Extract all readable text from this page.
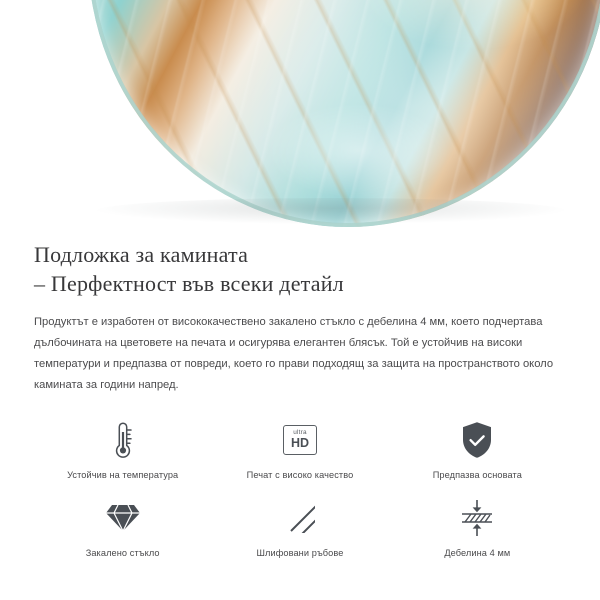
Подложка за камината
– Перфектност във всеки детайл

Продуктът е изработен от висококачествено закалено стъкло с дебелина 4 мм, което подчертава дълбочината на цветовете на печата и осигурява елегантен блясък. Той е устойчив на високи температури и предпазва от повреди, което го прави подходящ за защита на пространството около камината за години напред.

Устойчив на температура
ultra
HD
Печат с високо качество	Предпазва основата
Закалено стъкло	Шлифовани ръбове	Дебелина 4 мм
